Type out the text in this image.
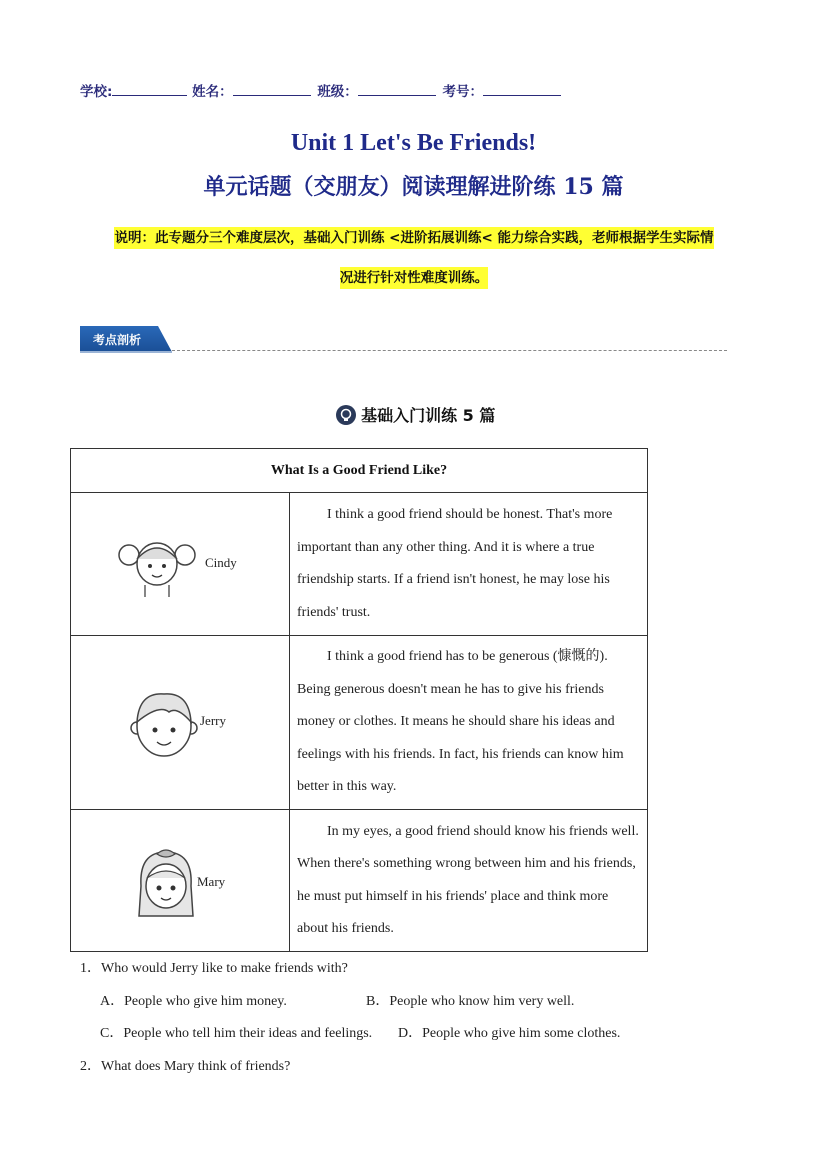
学校:	姓名：	班级：	考号：
Unit 1 Let's Be Friends!
单元话题（交朋友）阅读理解进阶练 15 篇
说明：此专题分三个难度层次，基础入门训练 <进阶拓展训练< 能力综合实践，老师根据学生实际情
况进行针对性难度训练。
考点剖析
基础入门训练 5 篇
What Is a Good Friend Like?	

Cindy	I think a good friend should be honest. That's more important than any other thing. And it is where a true friendship starts. If a friend isn't honest, he may lose his friends' trust.

Jerry	I think a good friend has to be generous (慷慨的). Being generous doesn't mean he has to give his friends money or clothes. It means he should share his ideas and feelings with his friends. In fact, his friends can know him better in this way.

Mary	In my eyes, a good friend should know his friends well. When there's something wrong between him and his friends, he must put himself in his friends' place and think more about his friends.
1．Who would Jerry like to make friends with?
A．People who give him money.	B．People who know him very well.
C．People who tell him their ideas and feelings. D．People who give him some clothes.
2．What does Mary think of friends?
